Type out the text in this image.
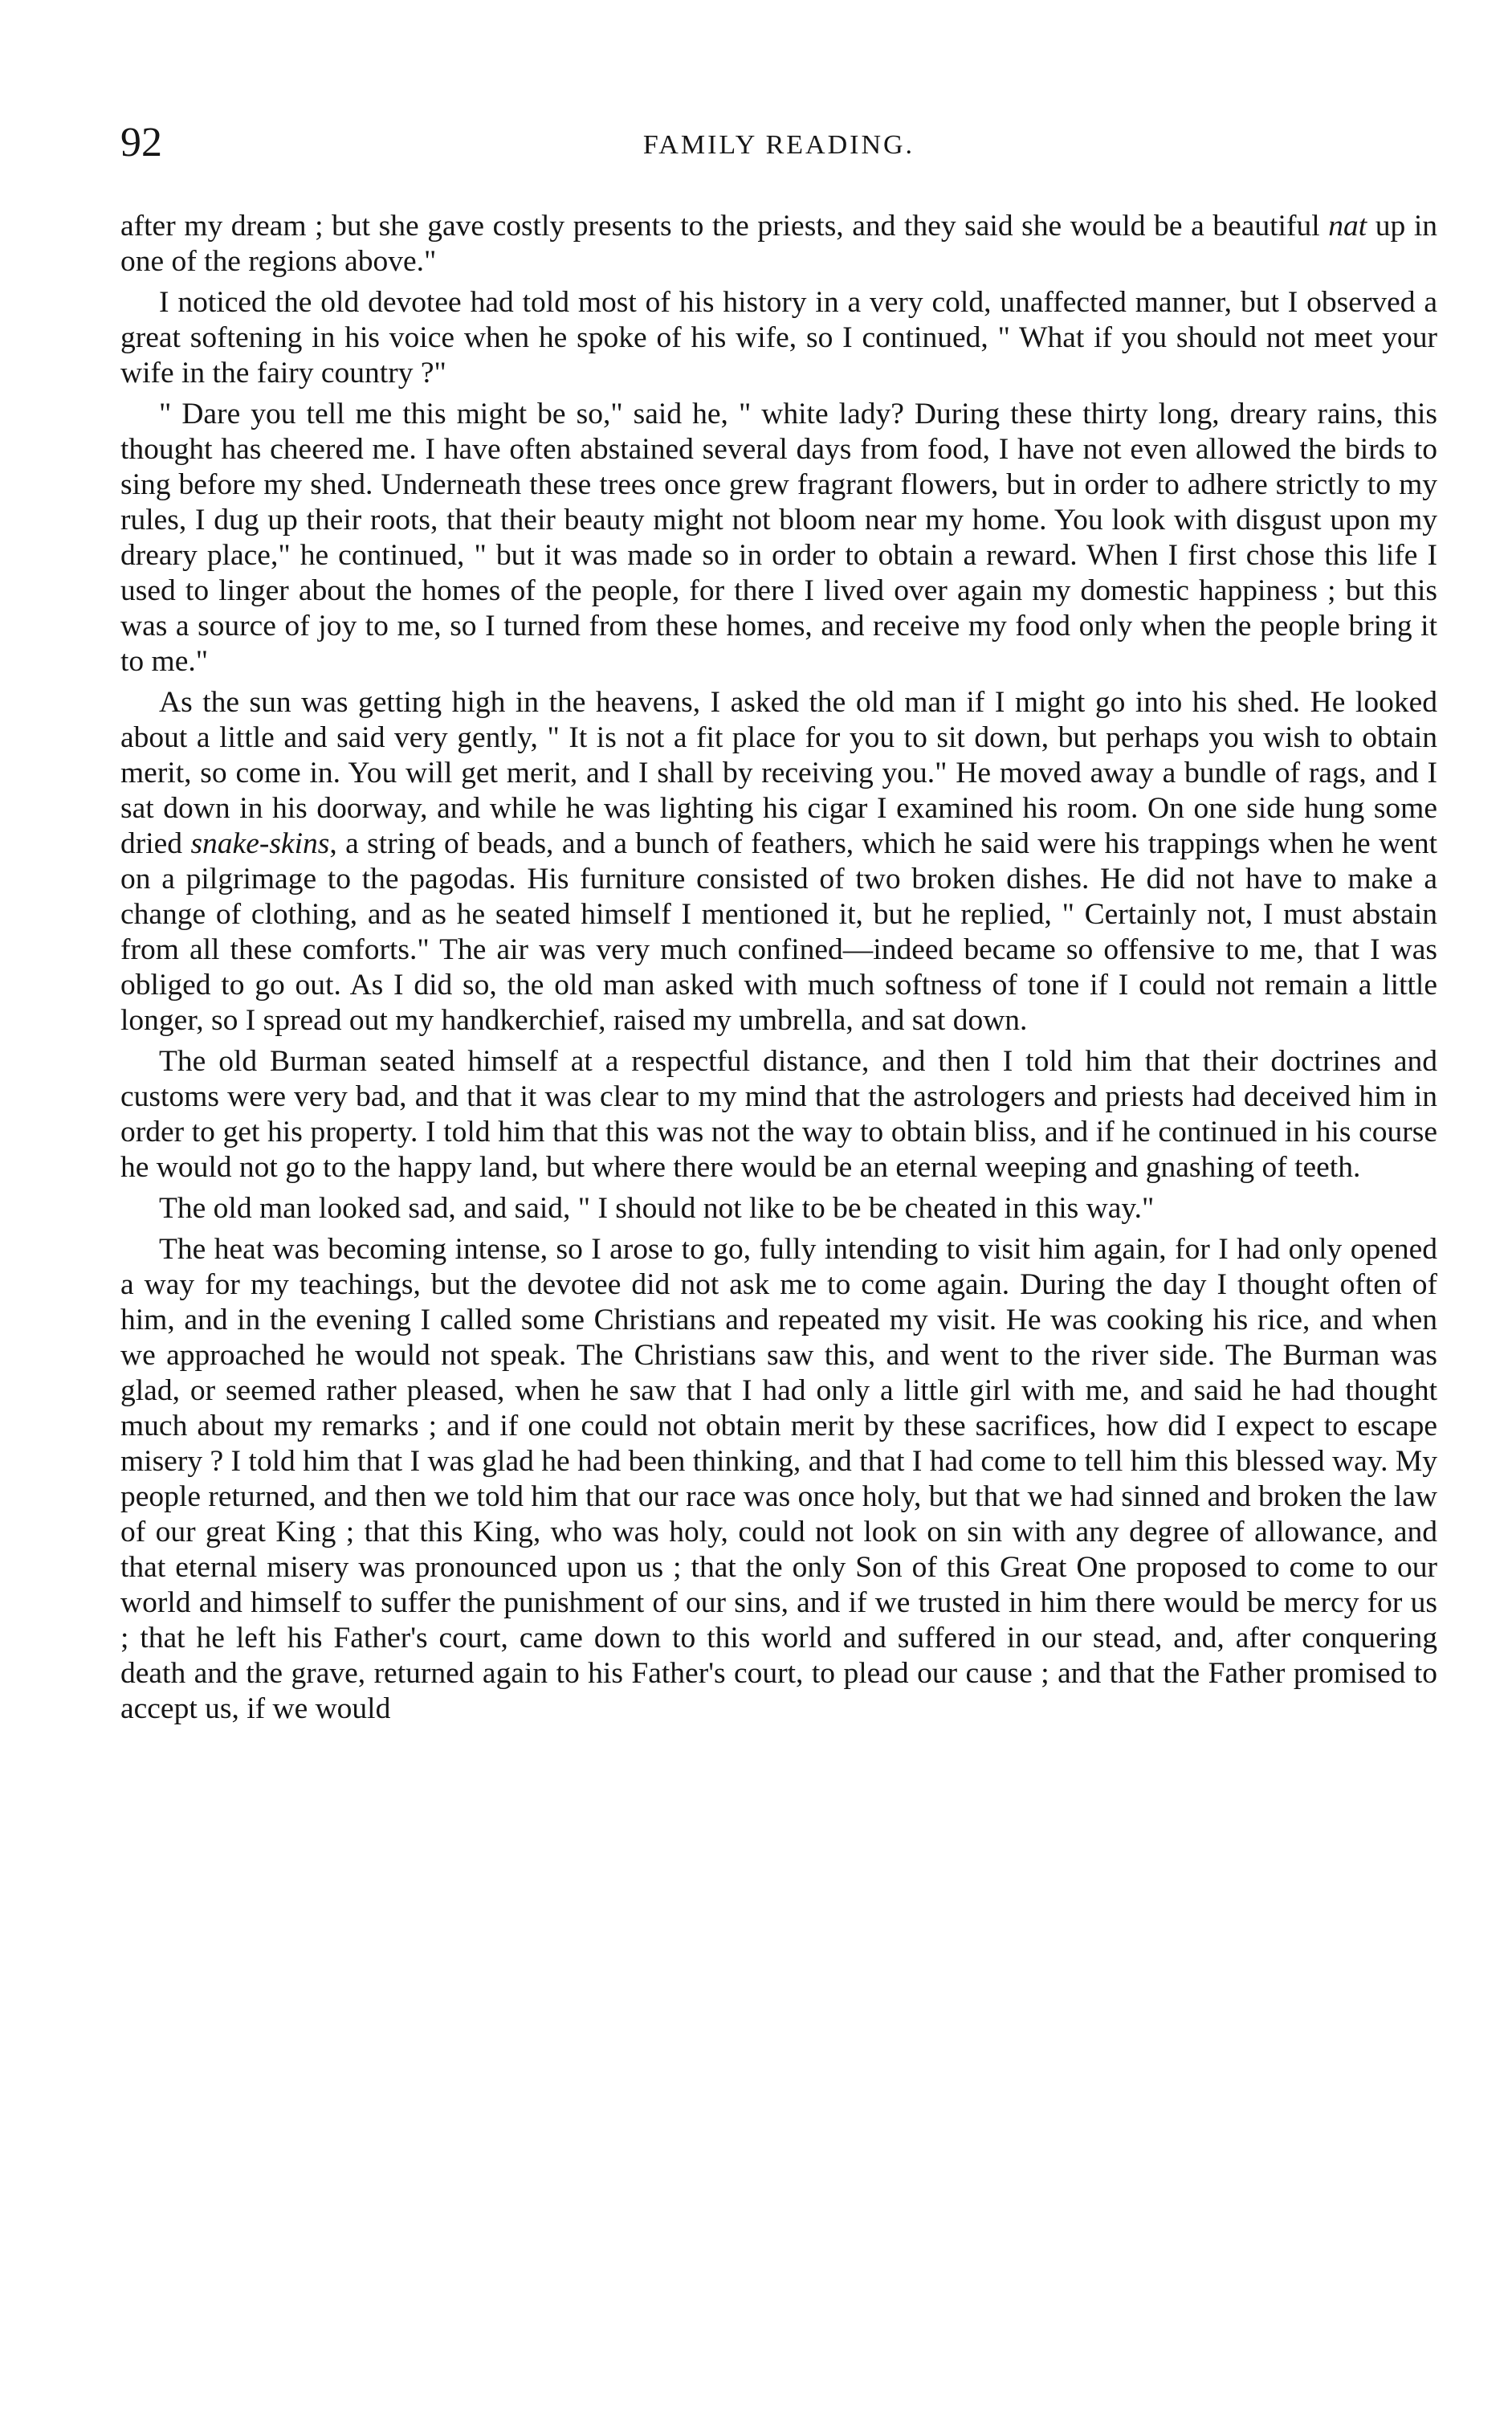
92	FAMILY READING.

after my dream ; but she gave costly presents to the priests, and they said she would be a beautiful nat up in one of the regions above."

I noticed the old devotee had told most of his history in a very cold, unaffected manner, but I observed a great softening in his voice when he spoke of his wife, so I continued, " What if you should not meet your wife in the fairy country ?"

" Dare you tell me this might be so," said he, " white lady? During these thirty long, dreary rains, this thought has cheered me. I have often abstained several days from food, I have not even allowed the birds to sing before my shed. Underneath these trees once grew fragrant flowers, but in order to adhere strictly to my rules, I dug up their roots, that their beauty might not bloom near my home. You look with disgust upon my dreary place," he continued, " but it was made so in order to obtain a reward. When I first chose this life I used to linger about the homes of the people, for there I lived over again my domestic happiness ; but this was a source of joy to me, so I turned from these homes, and receive my food only when the people bring it to me."

As the sun was getting high in the heavens, I asked the old man if I might go into his shed. He looked about a little and said very gently, " It is not a fit place for you to sit down, but perhaps you wish to obtain merit, so come in. You will get merit, and I shall by receiving you." He moved away a bundle of rags, and I sat down in his doorway, and while he was lighting his cigar I examined his room. On one side hung some dried snake-skins, a string of beads, and a bunch of feathers, which he said were his trappings when he went on a pilgrimage to the pagodas. His furniture consisted of two broken dishes. He did not have to make a change of clothing, and as he seated himself I mentioned it, but he replied, " Certainly not, I must abstain from all these comforts." The air was very much confined—indeed became so offensive to me, that I was obliged to go out. As I did so, the old man asked with much softness of tone if I could not remain a little longer, so I spread out my handkerchief, raised my umbrella, and sat down.

The old Burman seated himself at a respectful distance, and then I told him that their doctrines and customs were very bad, and that it was clear to my mind that the astrologers and priests had deceived him in order to get his property. I told him that this was not the way to obtain bliss, and if he continued in his course he would not go to the happy land, but where there would be an eternal weeping and gnashing of teeth.

The old man looked sad, and said, " I should not like to be be cheated in this way."

The heat was becoming intense, so I arose to go, fully intending to visit him again, for I had only opened a way for my teachings, but the devotee did not ask me to come again. During the day I thought often of him, and in the evening I called some Christians and repeated my visit. He was cooking his rice, and when we approached he would not speak. The Christians saw this, and went to the river side. The Burman was glad, or seemed rather pleased, when he saw that I had only a little girl with me, and said he had thought much about my remarks ; and if one could not obtain merit by these sacrifices, how did I expect to escape misery ? I told him that I was glad he had been thinking, and that I had come to tell him this blessed way. My people returned, and then we told him that our race was once holy, but that we had sinned and broken the law of our great King ; that this King, who was holy, could not look on sin with any degree of allowance, and that eternal misery was pronounced upon us ; that the only Son of this Great One proposed to come to our world and himself to suffer the punishment of our sins, and if we trusted in him there would be mercy for us ; that he left his Father's court, came down to this world and suffered in our stead, and, after conquering death and the grave, returned again to his Father's court, to plead our cause ; and that the Father promised to accept us, if we would
